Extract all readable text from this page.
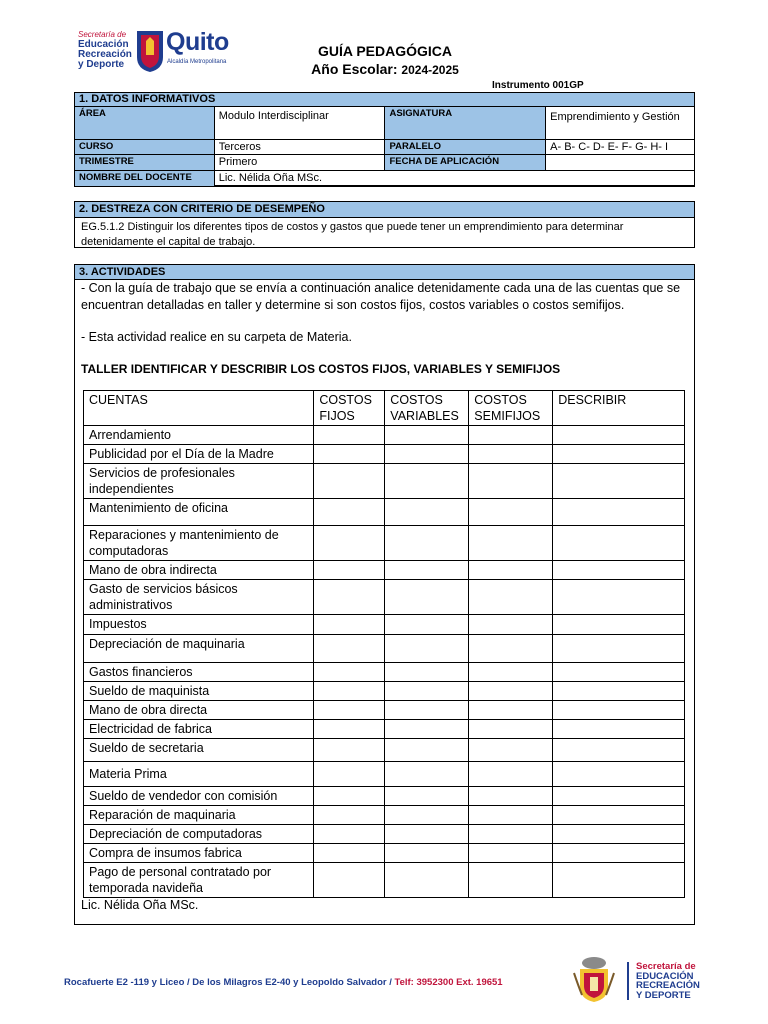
Secretaría de
Educación
Recreación
y Deporte
Quito
Alcaldía Metropolitana
GUÍA PEDAGÓGICA
Año Escolar: 2024-2025
Instrumento 001GP
1. DATOS INFORMATIVOS
ÁREA	Modulo Interdisciplinar	ASIGNATURA	Emprendimiento y Gestión
CURSO	Terceros	PARALELO	A- B- C- D- E- F- G- H- I
TRIMESTRE	Primero	FECHA DE APLICACIÓN	
NOMBRE DEL DOCENTE	Lic. Nélida Oña MSc.		
2. DESTREZA CON CRITERIO DE DESEMPEÑO
EG.5.1.2 Distinguir los diferentes tipos de costos y gastos que puede tener un emprendimiento para determinar detenidamente el capital de trabajo.
3. ACTIVIDADES
- Con la guía de trabajo que se envía a continuación analice detenidamente cada una de las cuentas que se encuentran detalladas en taller y determine si son costos fijos, costos variables o costos semifijos.
- Esta actividad realice en su carpeta de Materia.
TALLER IDENTIFICAR Y DESCRIBIR LOS COSTOS FIJOS, VARIABLES Y SEMIFIJOS
CUENTAS	COSTOS FIJOS	COSTOS VARIABLES	COSTOS SEMIFIJOS	DESCRIBIR
Arrendamiento				
Publicidad por el Día de la Madre				
Servicios de profesionales independientes				
Mantenimiento de oficina				
Reparaciones y mantenimiento de computadoras				
Mano de obra indirecta				
Gasto de servicios básicos administrativos				
Impuestos				
Depreciación de maquinaria				
Gastos financieros				
Sueldo de maquinista				
Mano de obra directa				
Electricidad de fabrica				
Sueldo de secretaria				
Materia Prima				
Sueldo de vendedor con comisión				
Reparación de maquinaria				
Depreciación de computadoras				
Compra de insumos fabrica				
Pago de personal contratado por temporada navideña				
Lic. Nélida Oña MSc.
Rocafuerte E2 -119 y Liceo / De los Milagros E2-40 y Leopoldo Salvador / Telf: 3952300 Ext. 19651
Secretaría de
EDUCACIÓN
RECREACIÓN
Y DEPORTE
